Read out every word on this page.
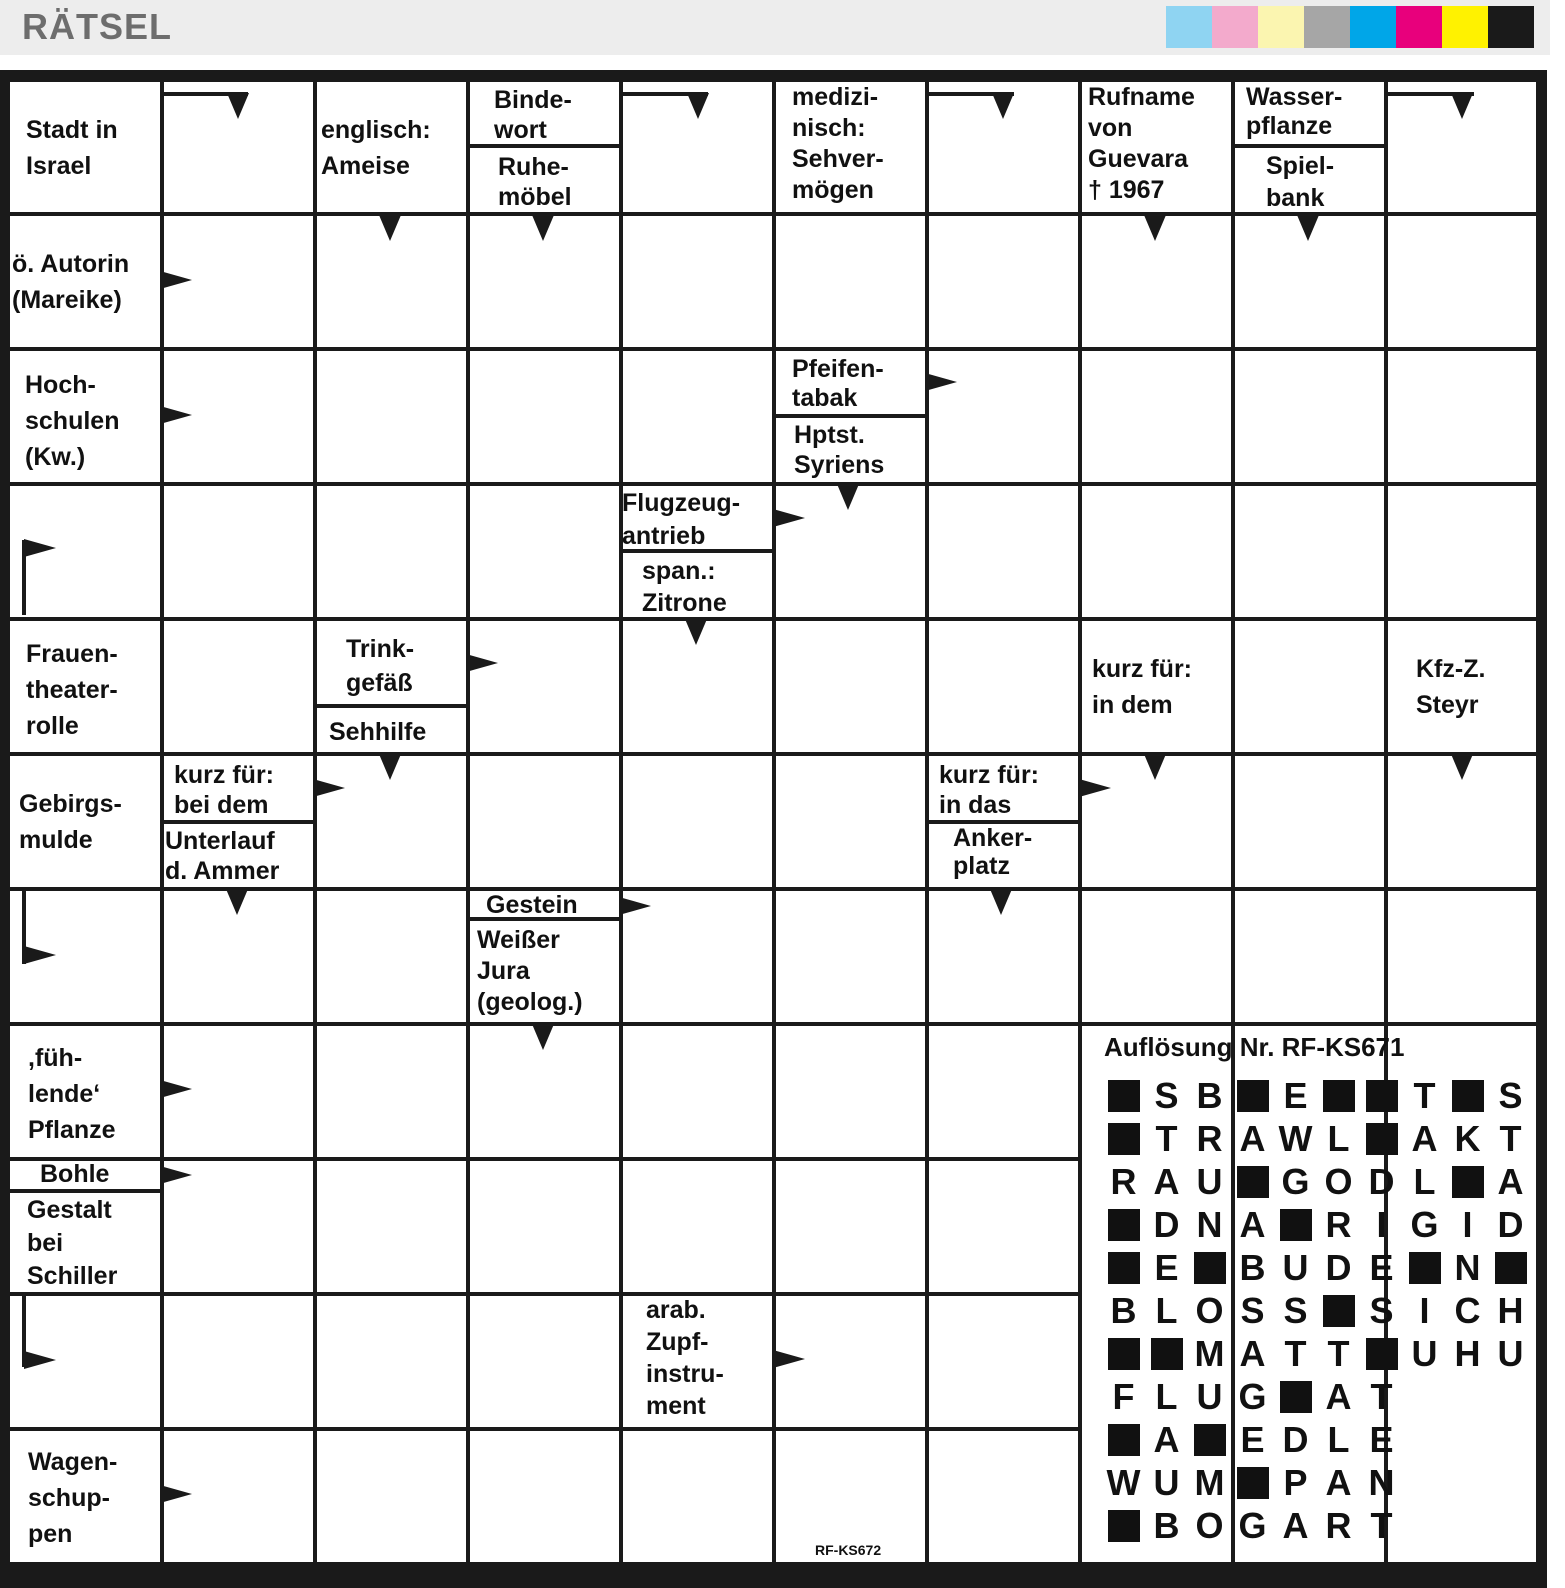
RÄTSEL
Stadt in
Israel
englisch:
Ameise
Binde-
wort
Ruhe-
möbel
medizi-
nisch:
Sehver-
mögen
Rufname
von
Guevara
† 1967
Wasser-
pflanze
Spiel-
bank
ö. Autorin
(Mareike)
Hoch-
schulen
(Kw.)
Pfeifen-
tabak
Hptst.
Syriens
Flugzeug-
antrieb
span.:
Zitrone
Frauen-
theater-
rolle
Trink-
gefäß
Sehhilfe
kurz für:
in dem
Kfz-Z.
Steyr
Gebirgs-
mulde
kurz für:
bei dem
Unterlauf
d. Ammer
kurz für:
in das
Anker-
platz
Gestein
Weißer
Jura
(geolog.)
,füh-
lende‘
Pflanze
Bohle
Gestalt
bei
Schiller
arab.
Zupf-
instru-
ment
Wagen-
schup-
pen
Auflösung Nr. RF-KS671
S B E	T S
T R A W L A K T
R A U G O D L A
D N A R I G I D
E B U D E N
B L O S S S I C H
M A T T U H U
F L U G A T
A E D L E
W U M P A N
B O G A R T
RF-KS672
